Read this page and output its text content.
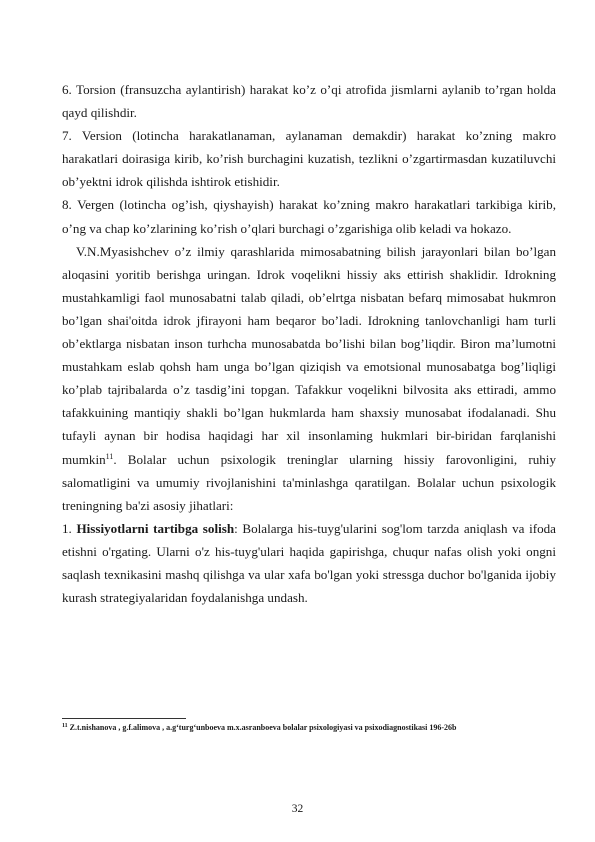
6. Torsion (fransuzcha aylantirish) harakat ko’z o’qi atrofida jismlarni aylanib to’rgan holda qayd qilishdir.

7. Version (lotincha harakatlanaman, aylanaman demakdir) harakat ko’zning makro harakatlari doirasiga kirib, ko’rish burchagini kuzatish, tezlikni o’zgartirmasdan kuzatiluvchi ob’yektni idrok qilishda ishtirok etishidir.

8. Vergen (lotincha og’ish, qiyshayish) harakat ko’zning makro harakatlari tarkibiga kirib, o’ng va chap ko’zlarining ko’rish o’qlari burchagi o’zgarishiga olib keladi va hokazo.

V.N.Myasishchev o’z ilmiy qarashlarida mimosabatning bilish jarayonlari bilan bo’lgan aloqasini yoritib berishga uringan. Idrok voqelikni hissiy aks ettirish shaklidir. Idrokning mustahkamligi faol munosabatni talab qiladi, ob’elrtga nisbatan befarq mimosabat hukmron bo’lgan shai'oitda idrok jfirayoni ham beqaror bo’ladi. Idrokning tanlovchanligi ham turli ob’ektlarga nisbatan inson turhcha munosabatda bo’lishi bilan bog’liqdir. Biron ma’lumotni mustahkam eslab qohsh ham unga bo’lgan qiziqish va emotsional munosabatga bog’liqligi ko’plab tajribalarda o’z tasdig’ini topgan. Tafakkur voqelikni bilvosita aks ettiradi, ammo tafakkuining mantiqiy shakli bo’lgan hukmlarda ham shaxsiy munosabat ifodalanadi. Shu tufayli aynan bir hodisa haqidagi har xil insonlaming hukmlari bir-biridan farqlanishi mumkin$^{11}$. Bolalar uchun psixologik treninglar ularning hissiy farovonligini, ruhiy salomatligini va umumiy rivojlanishini ta'minlashga qaratilgan. Bolalar uchun psixologik treningning ba'zi asosiy jihatlari:

1. Hissiyotlarni tartibga solish: Bolalarga his-tuyg'ularini sog'lom tarzda aniqlash va ifoda etishni o'rgating. Ularni o'z his-tuyg'ulari haqida gapirishga, chuqur nafas olish yoki ongni saqlash texnikasini mashq qilishga va ular xafa bo'lgan yoki stressga duchor bo'lganida ijobiy kurash strategiyalaridan foydalanishga undash.

$^{11}$ Z.t.nishanova , g.f.alimova , a.g‘turg‘unboeva m.x.asranboeva bolalar psixologiyasi va psixodiagnostikasi 196-26b
32
